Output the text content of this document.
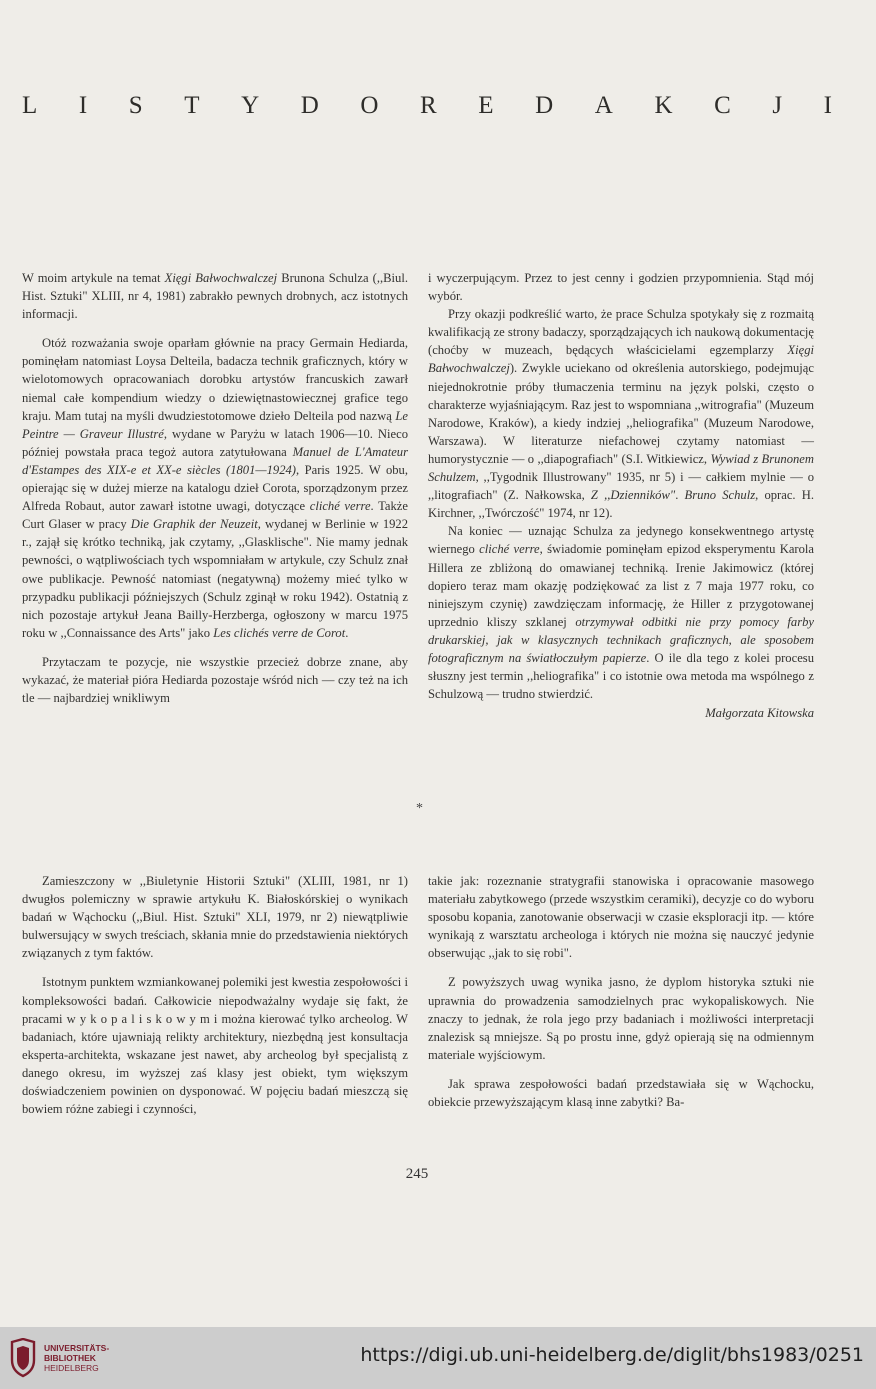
L I S T Y D O R E D A K C J I

W moim artykule na temat Xięgi Bałwochwalczej Brunona Schulza (,,Biul. Hist. Sztuki" XLIII, nr 4, 1981) zabrakło pewnych drobnych, acz istotnych informacji.

Otóż rozważania swoje oparłam głównie na pracy Germain Hediarda, pominęłam natomiast Loysa Delteila, badacza technik graficznych, który w wielotomowych opracowaniach dorobku artystów francuskich zawarł niemal całe kompendium wiedzy o dziewiętnastowiecznej grafice tego kraju. Mam tutaj na myśli dwudziestotomowe dzieło Delteila pod nazwą Le Peintre — Graveur Illustré, wydane w Paryżu w latach 1906—10. Nieco później powstała praca tegoż autora zatytułowana Manuel de L'Amateur d'Estampes des XIX-e et XX-e siècles (1801—1924), Paris 1925. W obu, opierając się w dużej mierze na katalogu dzieł Corota, sporządzonym przez Alfreda Robaut, autor zawarł istotne uwagi, dotyczące cliché verre. Także Curt Glaser w pracy Die Graphik der Neuzeit, wydanej w Berlinie w 1922 r., zajął się krótko techniką, jak czytamy, ,,Glasklische". Nie mamy jednak pewności, o wątpliwościach tych wspomniałam w artykule, czy Schulz znał owe publikacje. Pewność natomiast (negatywną) możemy mieć tylko w przypadku publikacji późniejszych (Schulz zginął w roku 1942). Ostatnią z nich pozostaje artykuł Jeana Bailly-Herzberga, ogłoszony w marcu 1975 roku w ,,Connaissance des Arts" jako Les clichés verre de Corot.

Przytaczam te pozycje, nie wszystkie przecież dobrze znane, aby wykazać, że materiał pióra Hediarda pozostaje wśród nich — czy też na ich tle — najbardziej wnikliwym

i wyczerpującym. Przez to jest cenny i godzien przypomnienia. Stąd mój wybór.

Przy okazji podkreślić warto, że prace Schulza spotykały się z rozmaitą kwalifikacją ze strony badaczy, sporządzających ich naukową dokumentację (choćby w muzeach, będących właścicielami egzemplarzy Xięgi Bałwochwalczej). Zwykle uciekano od określenia autorskiego, podejmując niejednokrotnie próby tłumaczenia terminu na język polski, często o charakterze wyjaśniającym. Raz jest to wspomniana ,,witrografia" (Muzeum Narodowe, Kraków), a kiedy indziej ,,heliografika" (Muzeum Narodowe, Warszawa). W literaturze niefachowej czytamy natomiast — humorystycznie — o ,,diapografiach" (S.I. Witkiewicz, Wywiad z Brunonem Schulzem, ,,Tygodnik Illustrowany" 1935, nr 5) i — całkiem mylnie — o ,,litografiach" (Z. Nałkowska, Z ,,Dzienników". Bruno Schulz, oprac. H. Kirchner, ,,Twórczość" 1974, nr 12).

Na koniec — uznając Schulza za jedynego konsekwentnego artystę wiernego cliché verre, świadomie pominęłam epizod eksperymentu Karola Hillera ze zbliżoną do omawianej techniką. Irenie Jakimowicz (której dopiero teraz mam okazję podziękować za list z 7 maja 1977 roku, co niniejszym czynię) zawdzięczam informację, że Hiller z przygotowanej uprzednio kliszy szklanej otrzymywał odbitki nie przy pomocy farby drukarskiej, jak w klasycznych technikach graficznych, ale sposobem fotograficznym na światłoczułym papierze. O ile dla tego z kolei procesu słuszny jest termin ,,heliografika" i co istotnie owa metoda ma wspólnego z Schulzową — trudno stwierdzić.

Małgorzata Kitowska

*

Zamieszczony w ,,Biuletynie Historii Sztuki" (XLIII, 1981, nr 1) dwugłos polemiczny w sprawie artykułu K. Białoskórskiej o wynikach badań w Wąchocku (,,Biul. Hist. Sztuki" XLI, 1979, nr 2) niewątpliwie bulwersujący w swych treściach, skłania mnie do przedstawienia niektórych związanych z tym faktów.

Istotnym punktem wzmiankowanej polemiki jest kwestia zespołowości i kompleksowości badań. Całkowicie niepodważalny wydaje się fakt, że pracami w y k o p a l i s k o w y m i można kierować tylko archeolog. W badaniach, które ujawniają relikty architektury, niezbędną jest konsultacja eksperta-architekta, wskazane jest nawet, aby archeolog był specjalistą z danego okresu, im wyższej zaś klasy jest obiekt, tym większym doświadczeniem powinien on dysponować. W pojęciu badań mieszczą się bowiem różne zabiegi i czynności,

takie jak: rozeznanie stratygrafii stanowiska i opracowanie masowego materiału zabytkowego (przede wszystkim ceramiki), decyzje co do wyboru sposobu kopania, zanotowanie obserwacji w czasie eksploracji itp. — które wynikają z warsztatu archeologa i których nie można się nauczyć jedynie obserwując ,,jak to się robi".

Z powyższych uwag wynika jasno, że dyplom historyka sztuki nie uprawnia do prowadzenia samodzielnych prac wykopaliskowych. Nie znaczy to jednak, że rola jego przy badaniach i możliwości interpretacji znalezisk są mniejsze. Są po prostu inne, gdyż opierają się na odmiennym materiale wyjściowym.

Jak sprawa zespołowości badań przedstawiała się w Wąchocku, obiekcie przewyższającym klasą inne zabytki? Ba-

245
UNIVERSITÄTS-
BIBLIOTHEK
HEIDELBERG
https://digi.ub.uni-heidelberg.de/diglit/bhs1983/0251
